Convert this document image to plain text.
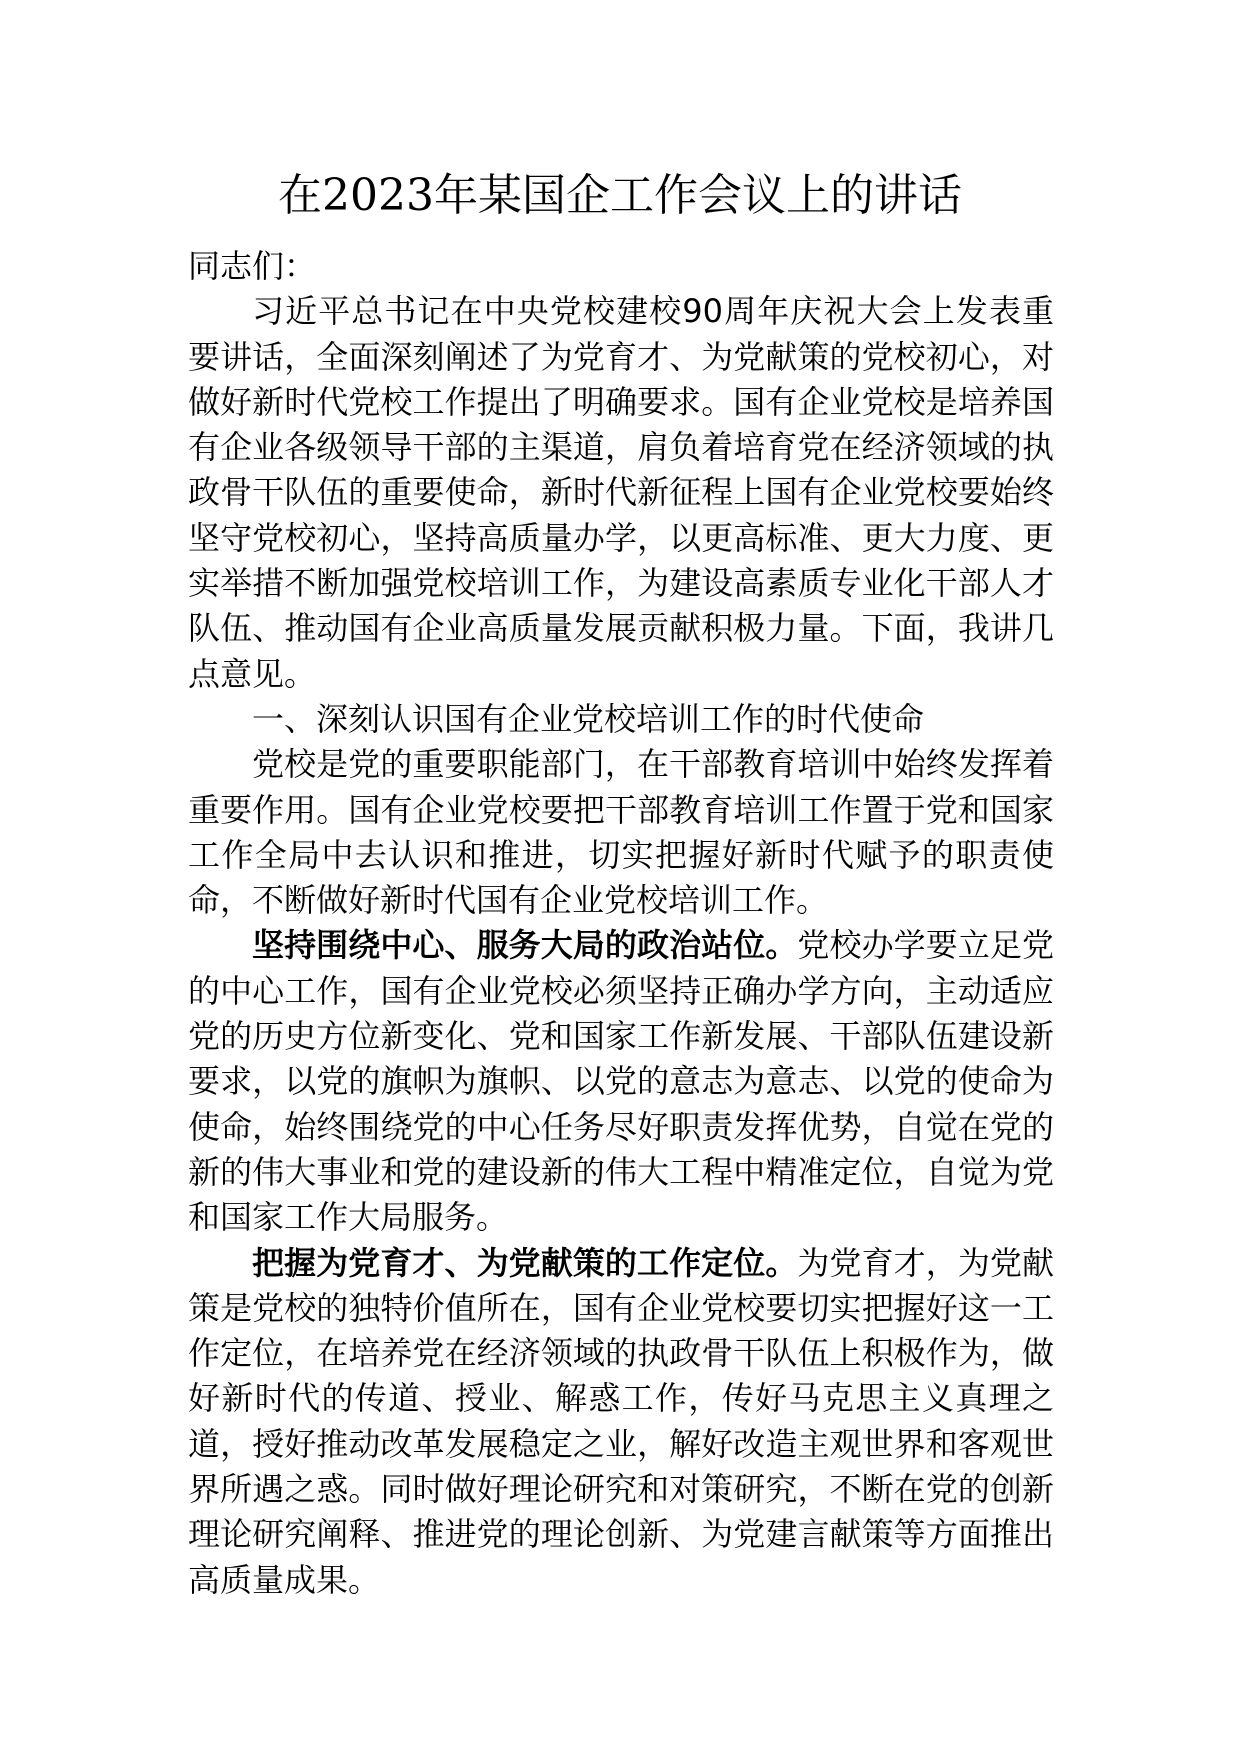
在2023年某国企工作会议上的讲话

同志们：

习近平总书记在中央党校建校90周年庆祝大会上发表重要讲话，全面深刻阐述了为党育才、为党献策的党校初心，对做好新时代党校工作提出了明确要求。国有企业党校是培养国有企业各级领导干部的主渠道，肩负着培育党在经济领域的执政骨干队伍的重要使命，新时代新征程上国有企业党校要始终坚守党校初心，坚持高质量办学，以更高标准、更大力度、更实举措不断加强党校培训工作，为建设高素质专业化干部人才队伍、推动国有企业高质量发展贡献积极力量。下面，我讲几点意见。

一、深刻认识国有企业党校培训工作的时代使命

党校是党的重要职能部门，在干部教育培训中始终发挥着重要作用。国有企业党校要把干部教育培训工作置于党和国家工作全局中去认识和推进，切实把握好新时代赋予的职责使命，不断做好新时代国有企业党校培训工作。

坚持围绕中心、服务大局的政治站位。党校办学要立足党的中心工作，国有企业党校必须坚持正确办学方向，主动适应党的历史方位新变化、党和国家工作新发展、干部队伍建设新要求，以党的旗帜为旗帜、以党的意志为意志、以党的使命为使命，始终围绕党的中心任务尽好职责发挥优势，自觉在党的新的伟大事业和党的建设新的伟大工程中精准定位，自觉为党和国家工作大局服务。

把握为党育才、为党献策的工作定位。为党育才，为党献策是党校的独特价值所在，国有企业党校要切实把握好这一工作定位，在培养党在经济领域的执政骨干队伍上积极作为，做好新时代的传道、授业、解惑工作，传好马克思主义真理之道，授好推动改革发展稳定之业，解好改造主观世界和客观世界所遇之惑。同时做好理论研究和对策研究，不断在党的创新理论研究阐释、推进党的理论创新、为党建言献策等方面推出高质量成果。
